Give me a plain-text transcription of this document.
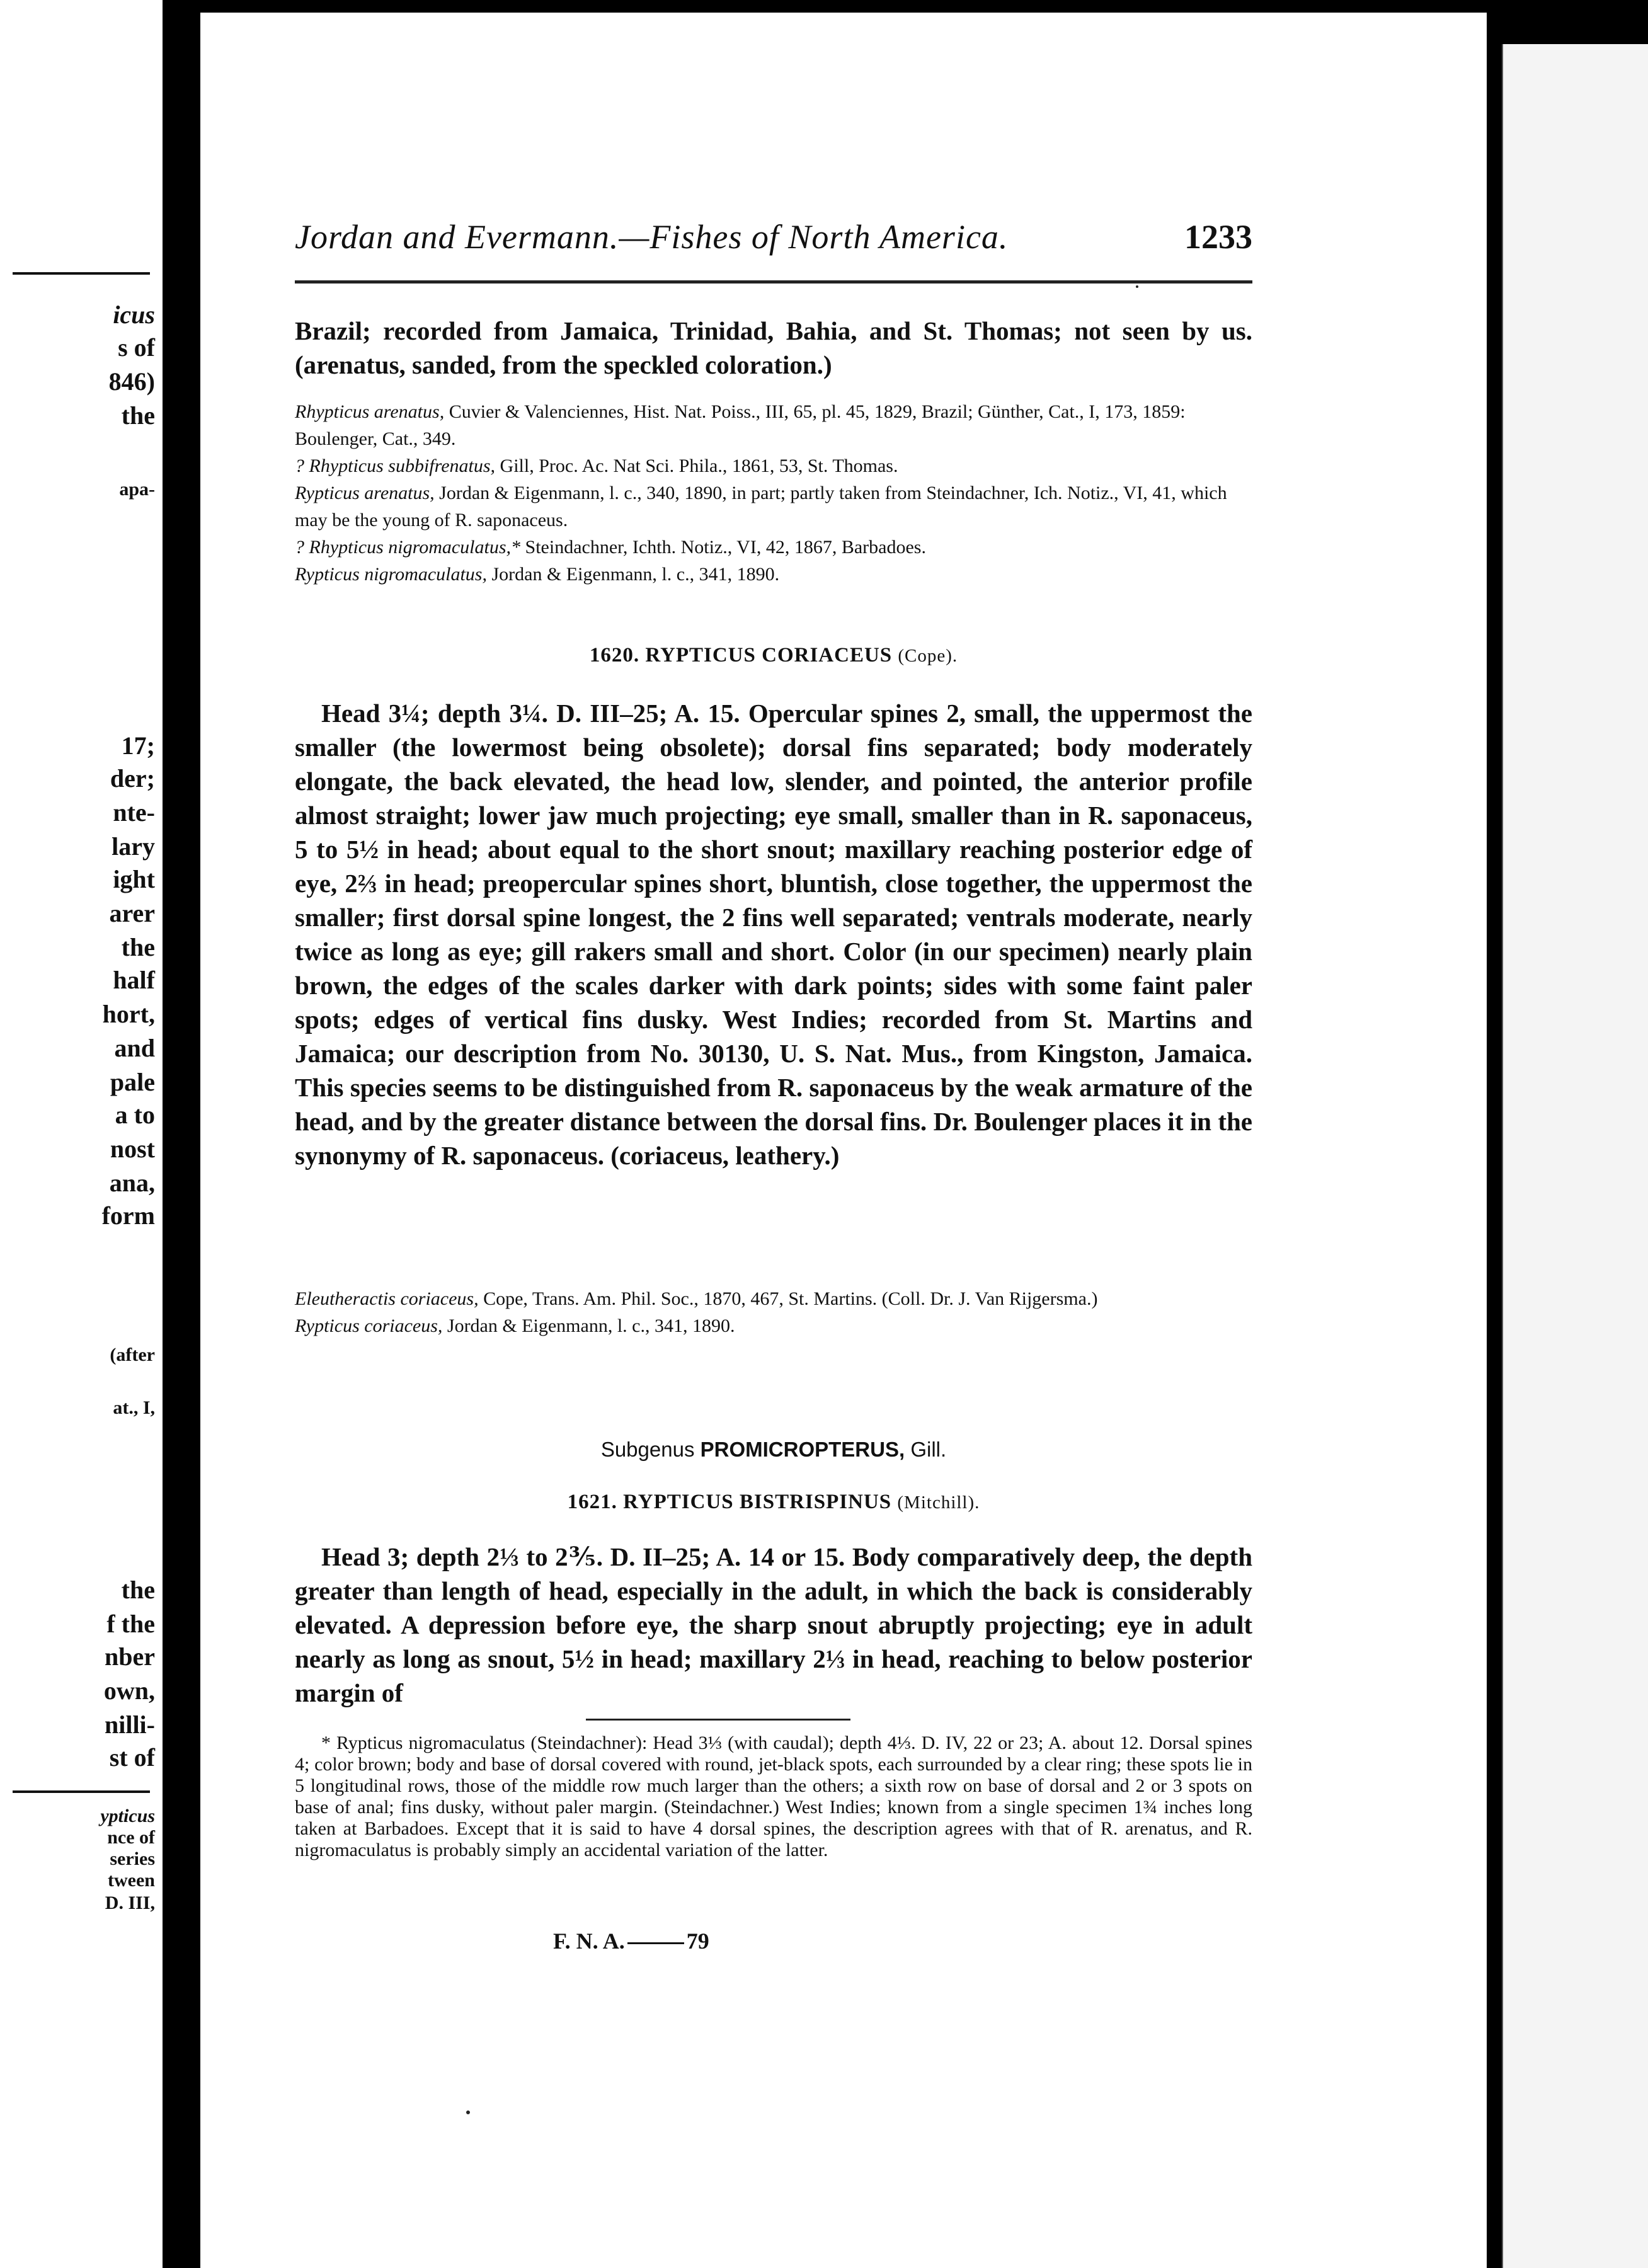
icus
s of
846)
the
apa-
17;
der;
nte-
lary
ight
arer
the
half
hort,
and
pale
a to
nost
ana,
form
(after
at., I,
the
f the
nber
own,
nilli-
st of
ypticus
nce of
series
tween
D. III,
Jordan and Evermann.—Fishes of North America.	1233

Brazil; recorded from Jamaica, Trinidad, Bahia, and St. Thomas; not seen by us. (arenatus, sanded, from the speckled coloration.)

Rhypticus arenatus, Cuvier & Valenciennes, Hist. Nat. Poiss., III, 65, pl. 45, 1829, Brazil; Günther, Cat., I, 173, 1859: Boulenger, Cat., 349.

? Rhypticus subbifrenatus, Gill, Proc. Ac. Nat Sci. Phila., 1861, 53, St. Thomas.

Rypticus arenatus, Jordan & Eigenmann, l. c., 340, 1890, in part; partly taken from Steindachner, Ich. Notiz., VI, 41, which may be the young of R. saponaceus.

? Rhypticus nigromaculatus,* Steindachner, Ichth. Notiz., VI, 42, 1867, Barbadoes.

Rypticus nigromaculatus, Jordan & Eigenmann, l. c., 341, 1890.

1620. RYPTICUS CORIACEUS (Cope).

Head 3¼; depth 3¼. D. III–25; A. 15. Opercular spines 2, small, the uppermost the smaller (the lowermost being obsolete); dorsal fins separated; body moderately elongate, the back elevated, the head low, slender, and pointed, the anterior profile almost straight; lower jaw much projecting; eye small, smaller than in R. saponaceus, 5 to 5½ in head; about equal to the short snout; maxillary reaching posterior edge of eye, 2⅔ in head; preopercular spines short, bluntish, close together, the uppermost the smaller; first dorsal spine longest, the 2 fins well separated; ventrals moderate, nearly twice as long as eye; gill rakers small and short. Color (in our specimen) nearly plain brown, the edges of the scales darker with dark points; sides with some faint paler spots; edges of vertical fins dusky. West Indies; recorded from St. Martins and Jamaica; our description from No. 30130, U. S. Nat. Mus., from Kingston, Jamaica. This species seems to be distinguished from R. saponaceus by the weak armature of the head, and by the greater distance between the dorsal fins. Dr. Boulenger places it in the synonymy of R. saponaceus. (coriaceus, leathery.)

Eleutheractis coriaceus, Cope, Trans. Am. Phil. Soc., 1870, 467, St. Martins. (Coll. Dr. J. Van Rijgersma.)

Rypticus coriaceus, Jordan & Eigenmann, l. c., 341, 1890.

Subgenus PROMICROPTERUS, Gill.

1621. RYPTICUS BISTRISPINUS (Mitchill).

Head 3; depth 2⅓ to 2⅗. D. II–25; A. 14 or 15. Body comparatively deep, the depth greater than length of head, especially in the adult, in which the back is considerably elevated. A depression before eye, the sharp snout abruptly projecting; eye in adult nearly as long as snout, 5½ in head; maxillary 2⅓ in head, reaching to below posterior margin of

* Rypticus nigromaculatus (Steindachner): Head 3⅓ (with caudal); depth 4⅓. D. IV, 22 or 23; A. about 12. Dorsal spines 4; color brown; body and base of dorsal covered with round, jet-black spots, each surrounded by a clear ring; these spots lie in 5 longitudinal rows, those of the middle row much larger than the others; a sixth row on base of dorsal and 2 or 3 spots on base of anal; fins dusky, without paler margin. (Steindachner.) West Indies; known from a single specimen 1¾ inches long taken at Barbadoes. Except that it is said to have 4 dorsal spines, the description agrees with that of R. arenatus, and R. nigromaculatus is probably simply an accidental variation of the latter.

F. N. A.	79
